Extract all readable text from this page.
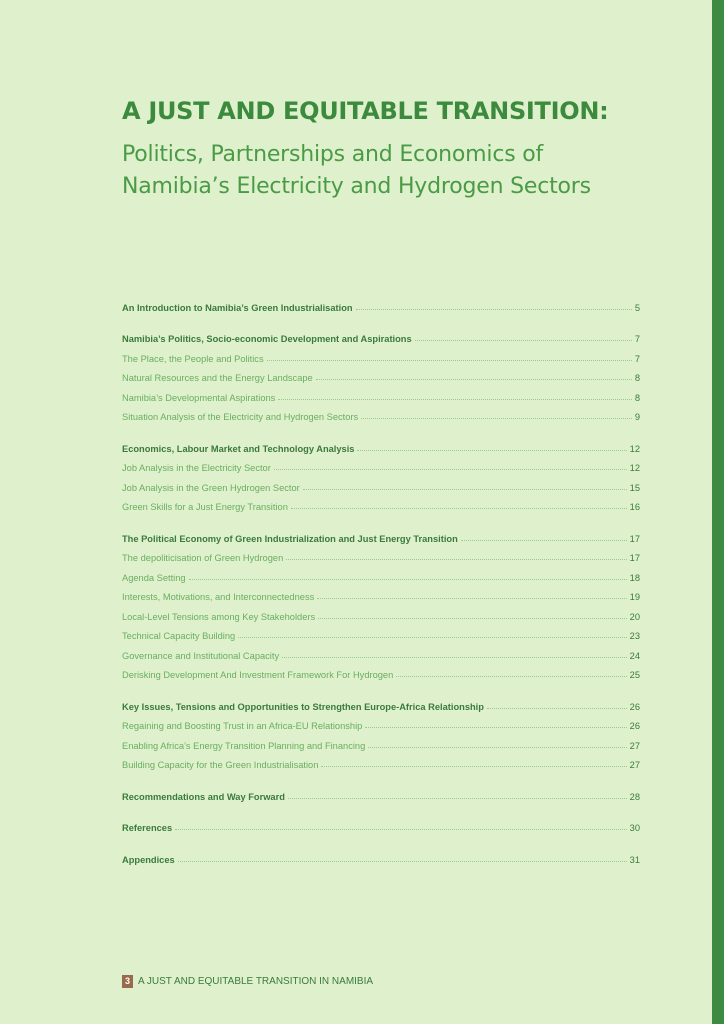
A JUST AND EQUITABLE TRANSITION:
Politics, Partnerships and Economics of
Namibia’s Electricity and Hydrogen Sectors
An Introduction to Namibia’s Green Industrialisation	5
Namibia’s Politics, Socio-economic Development and Aspirations	7
The Place, the People and Politics	7
Natural Resources and the Energy Landscape	8
Namibia’s Developmental Aspirations	8
Situation Analysis of the Electricity and Hydrogen Sectors	9
Economics, Labour Market and Technology Analysis	12
Job Analysis in the Electricity Sector	12
Job Analysis in the Green Hydrogen Sector	15
Green Skills for a Just Energy Transition	16
The Political Economy of Green Industrialization and Just Energy Transition	17
The depoliticisation of Green Hydrogen	17
Agenda Setting	18
Interests, Motivations, and Interconnectedness	19
Local-Level Tensions among Key Stakeholders	20
Technical Capacity Building	23
Governance and Institutional Capacity	24
Derisking Development And Investment Framework For Hydrogen	25
Key Issues, Tensions and Opportunities to Strengthen Europe-Africa Relationship	26
Regaining and Boosting Trust in an Africa-EU Relationship	26
Enabling Africa’s Energy Transition Planning and Financing	27
Building Capacity for the Green Industrialisation	27
Recommendations and Way Forward	28
References	30
Appendices	31
3 A JUST AND EQUITABLE TRANSITION IN NAMIBIA
